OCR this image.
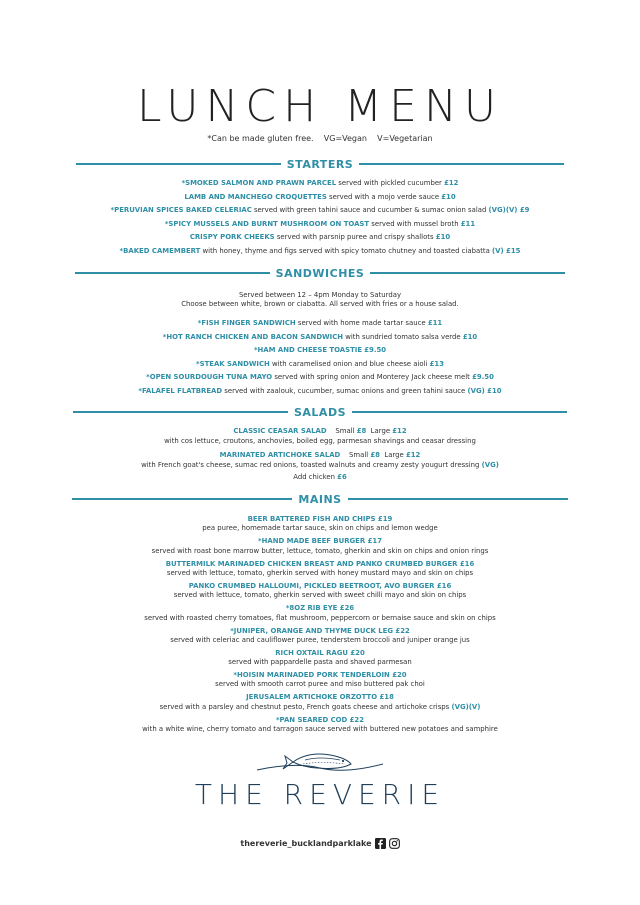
LUNCH MENU
*Can be made gluten free.    VG=Vegan    V=Vegetarian
STARTERS
*SMOKED SALMON AND PRAWN PARCEL served with pickled cucumber £12
LAMB AND MANCHEGO CROQUETTES served with a mojo verde sauce £10
*PERUVIAN SPICES BAKED CELERIAC served with green tahini sauce and cucumber & sumac onion salad (VG)(V) £9
*SPICY MUSSELS AND BURNT MUSHROOM ON TOAST served with mussel broth £11
CRISPY PORK CHEEKS served with parsnip puree and crispy shallots £10
*BAKED CAMEMBERT with honey, thyme and figs served with spicy tomato chutney and toasted ciabatta (V) £15
SANDWICHES
Served between 12 – 4pm Monday to Saturday
Choose between white, brown or ciabatta. All served with fries or a house salad.
*FISH FINGER SANDWICH served with home made tartar sauce £11
*HOT RANCH CHICKEN AND BACON SANDWICH with sundried tomato salsa verde £10
*HAM AND CHEESE TOASTIE £9.50
*STEAK SANDWICH with caramelised onion and blue cheese aioli £13
*OPEN SOURDOUGH TUNA MAYO served with spring onion and Monterey Jack cheese melt £9.50
*FALAFEL FLATBREAD served with zaalouk, cucumber, sumac onions and green tahini sauce (VG) £10
SALADS
CLASSIC CEASAR SALAD    Small £8  Large £12
with cos lettuce, croutons, anchovies, boiled egg, parmesan shavings and ceasar dressing
MARINATED ARTICHOKE SALAD    Small £8  Large £12
with French goat's cheese, sumac red onions, toasted walnuts and creamy zesty yougurt dressing (VG)
Add chicken £6
MAINS
BEER BATTERED FISH AND CHIPS £19
pea puree, homemade tartar sauce, skin on chips and lemon wedge
*HAND MADE BEEF BURGER £17
served with roast bone marrow butter, lettuce, tomato, gherkin and skin on chips and onion rings
BUTTERMILK MARINADED CHICKEN BREAST AND PANKO CRUMBED BURGER £16
served with lettuce, tomato, gherkin served with honey mustard mayo and skin on chips
PANKO CRUMBED HALLOUMI, PICKLED BEETROOT, AVO BURGER £16
served with lettuce, tomato, gherkin served with sweet chilli mayo and skin on chips
*8OZ RIB EYE £26
served with roasted cherry tomatoes, flat mushroom, peppercorn or bernaise sauce and skin on chips
*JUNIPER, ORANGE AND THYME DUCK LEG £22
served with celeriac and cauliflower puree, tenderstem broccoli and juniper orange jus
RICH OXTAIL RAGU £20
served with pappardelle pasta and shaved parmesan
*HOISIN MARINADED PORK TENDERLOIN £20
served with smooth carrot puree and miso buttered pak choi
JERUSALEM ARTICHOKE ORZOTTO £18
served with a parsley and chestnut pesto, French goats cheese and artichoke crisps (VG)(V)
*PAN SEARED COD £22
with a white wine, cherry tomato and tarragon sauce served with buttered new potatoes and samphire
THE REVERIE
thereverie_bucklandparklake
